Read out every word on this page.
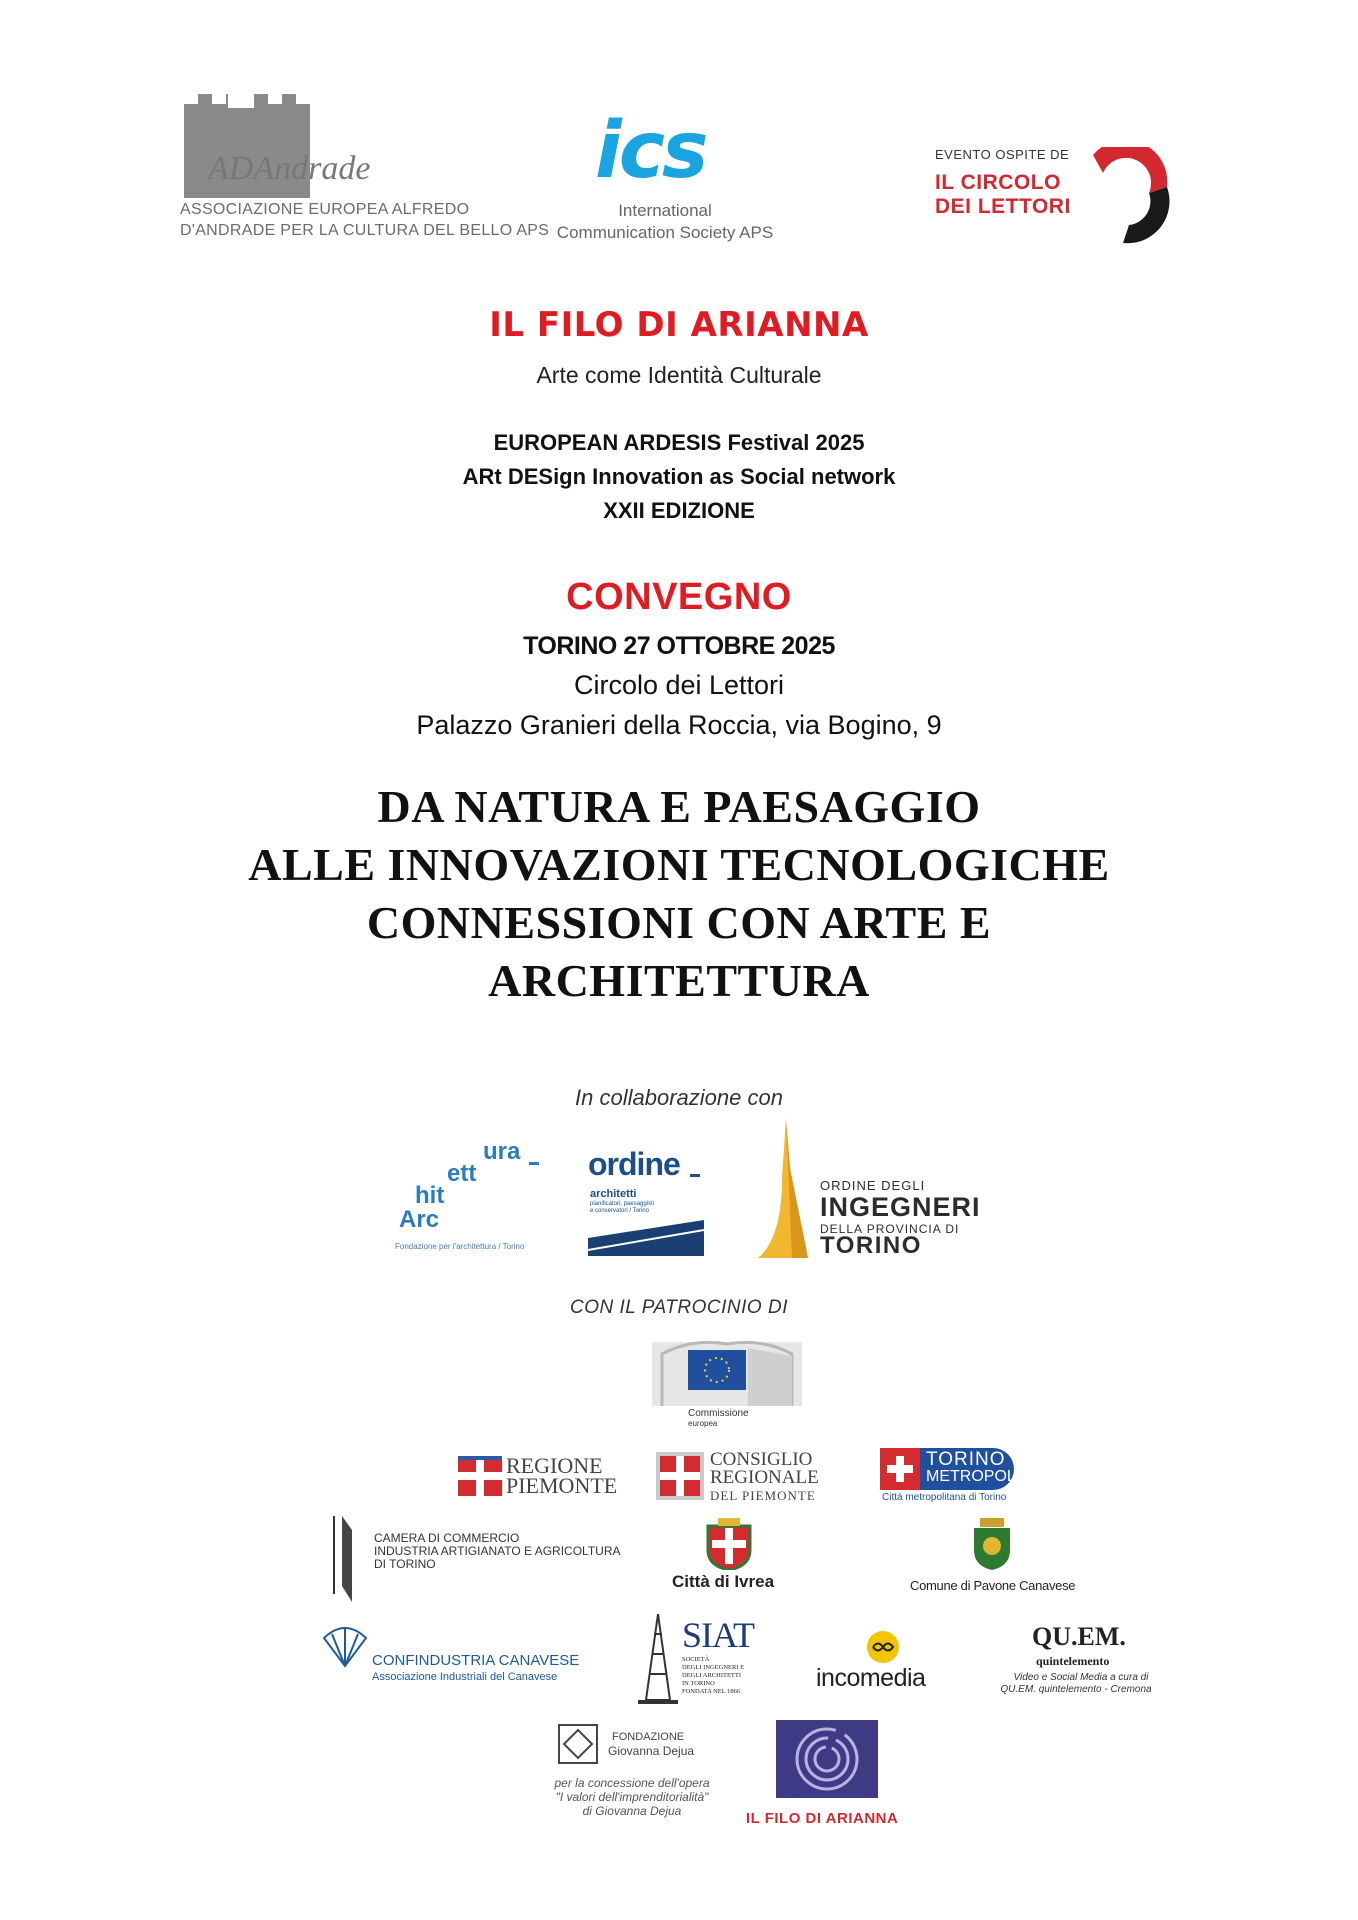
ADAndrade
ASSOCIAZIONE EUROPEA ALFREDO
D'ANDRADE PER LA CULTURA DEL BELLO APS
ics
International
Communication Society APS
EVENTO OSPITE DE
IL CIRCOLO
DEI LETTORI
IL FILO DI ARIANNA
Arte come Identità Culturale
EUROPEAN ARDESIS Festival 2025
ARt DESign Innovation as Social network
XXII EDIZIONE
CONVEGNO
TORINO 27 OTTOBRE 2025
Circolo dei Lettori
Palazzo Granieri della Roccia, via Bogino, 9
DA NATURA E PAESAGGIO
ALLE INNOVAZIONI TECNOLOGICHE
CONNESSIONI CON ARTE E
ARCHITETTURA
In collaborazione con
ura
ett
hit
Arc
Fondazione per l'architettura / Torino
ordine
architetti
pianificatori, paesaggisti
e conservatori / Torino
ORDINE DEGLI
INGEGNERI
DELLA PROVINCIA DI
TORINO
CON IL PATROCINIO DI
Commissione
europea
REGIONE
PIEMONTE
CONSIGLIO
REGIONALE
DEL PIEMONTE
TORINO
METROPOLI
Città metropolitana di Torino
CAMERA DI COMMERCIO
INDUSTRIA ARTIGIANATO E AGRICOLTURA
DI TORINO
Città di Ivrea	Comune di Pavone Canavese
CONFINDUSTRIA CANAVESE
Associazione Industriali del Canavese
SIAT
SOCIETÀ
DEGLI INGEGNERI E
DEGLI ARCHITETTI
IN TORINO
FONDATA NEL 1866	incomedia
QU.EM.
quintelemento
Video e Social Media a cura di
QU.EM. quintelemento - Cremona
FONDAZIONE
Giovanna Dejua
per la concessione dell'opera
"I valori dell'imprenditorialità"
di Giovanna Dejua	IL FILO DI ARIANNA
